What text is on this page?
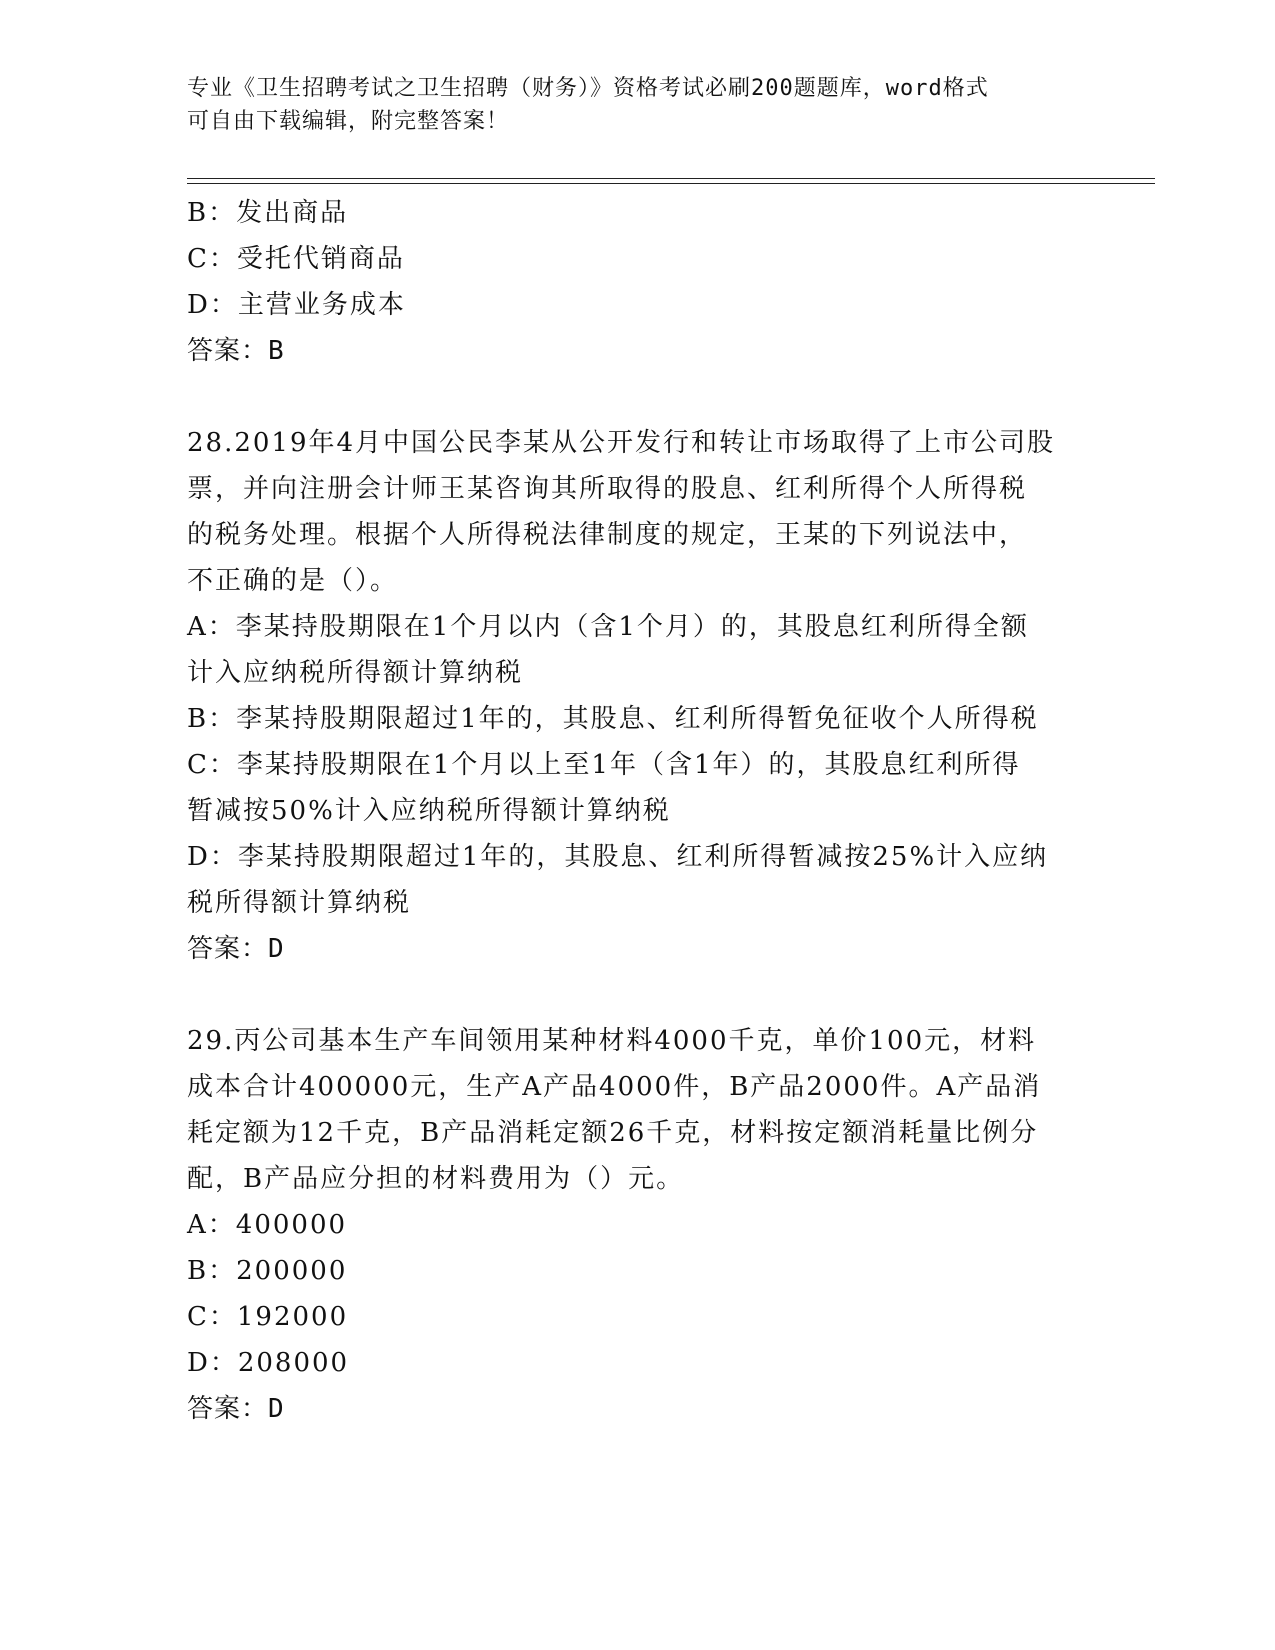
专业《卫生招聘考试之卫生招聘（财务）》资格考试必刷200题题库，word格式
可自由下载编辑，附完整答案！
B：发出商品
C：受托代销商品
D：主营业务成本
答案：B
28.2019年4月中国公民李某从公开发行和转让市场取得了上市公司股
票，并向注册会计师王某咨询其所取得的股息、红利所得个人所得税
的税务处理。根据个人所得税法律制度的规定，王某的下列说法中，
不正确的是（）。
A：李某持股期限在1个月以内（含1个月）的，其股息红利所得全额
计入应纳税所得额计算纳税
B：李某持股期限超过1年的，其股息、红利所得暂免征收个人所得税
C：李某持股期限在1个月以上至1年（含1年）的，其股息红利所得
暂减按50%计入应纳税所得额计算纳税
D：李某持股期限超过1年的，其股息、红利所得暂减按25%计入应纳
税所得额计算纳税
答案：D
29.丙公司基本生产车间领用某种材料4000千克，单价100元，材料
成本合计400000元，生产A产品4000件，B产品2000件。A产品消
耗定额为12千克，B产品消耗定额26千克，材料按定额消耗量比例分
配，B产品应分担的材料费用为（）元。
A：400000
B：200000
C：192000
D：208000
答案：D
